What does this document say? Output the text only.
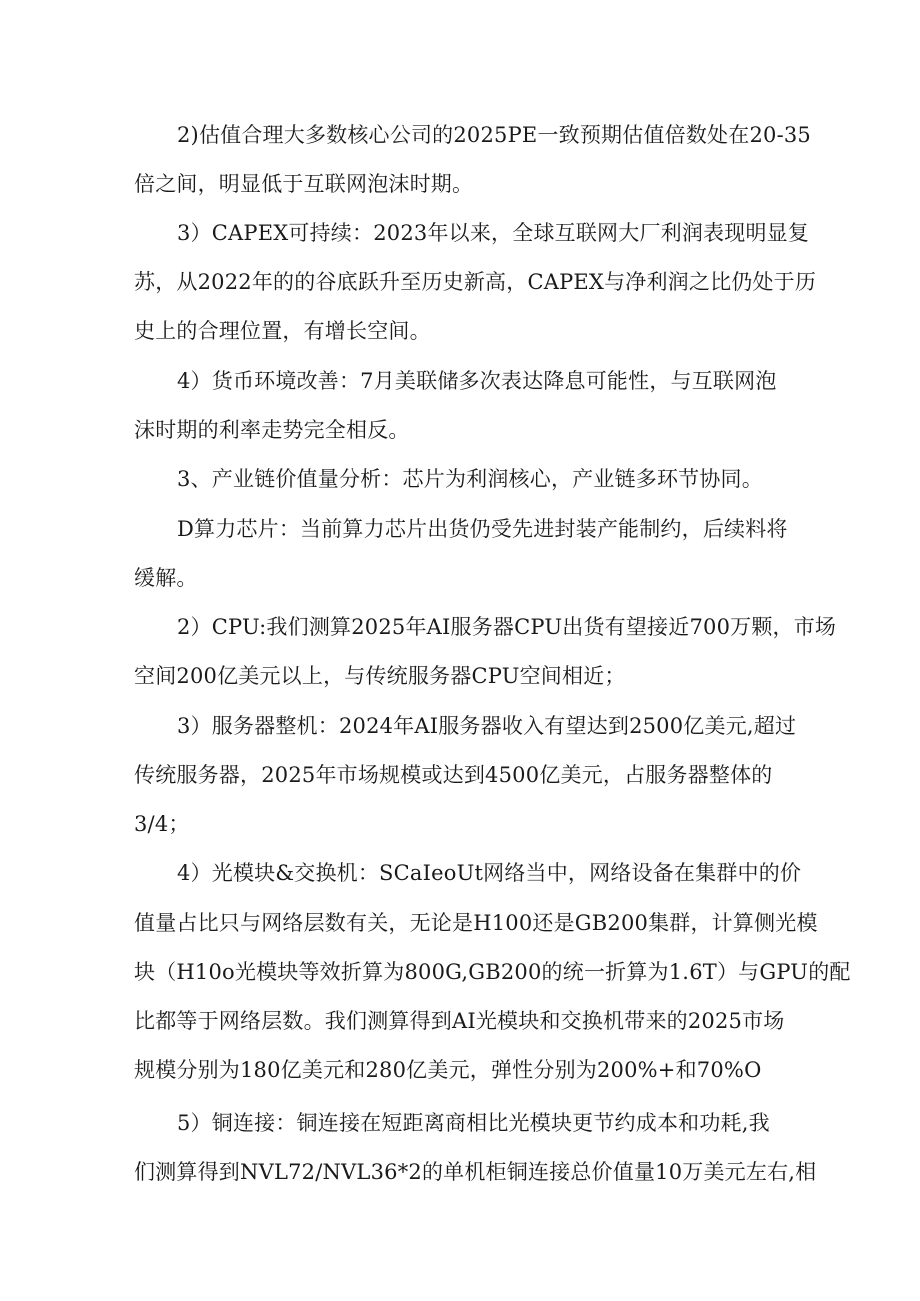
2)估值合理大多数核心公司的2025PE一致预期估值倍数处在20-35
倍之间，明显低于互联网泡沫时期。
3）CAPEX可持续：2023年以来，全球互联网大厂利润表现明显复
苏，从2022年的的谷底跃升至历史新高，CAPEX与净利润之比仍处于历
史上的合理位置，有增长空间。
4）货币环境改善：7月美联储多次表达降息可能性，与互联网泡
沫时期的利率走势完全相反。
3、产业链价值量分析：芯片为利润核心，产业链多环节协同。
D算力芯片：当前算力芯片出货仍受先进封装产能制约，后续料将
缓解。
2）CPU:我们测算2025年AI服务器CPU出货有望接近700万颗，市场
空间200亿美元以上，与传统服务器CPU空间相近；
3）服务器整机：2024年AI服务器收入有望达到2500亿美元,超过
传统服务器，2025年市场规模或达到4500亿美元，占服务器整体的
3/4；
4）光模块&交换机：SCaIeoUt网络当中，网络设备在集群中的价
值量占比只与网络层数有关，无论是H100还是GB200集群，计算侧光模
块（H10o光模块等效折算为800G,GB200的统一折算为1.6T）与GPU的配
比都等于网络层数。我们测算得到AI光模块和交换机带来的2025市场
规模分别为180亿美元和280亿美元，弹性分别为200%+和70%O
5）铜连接：铜连接在短距离商相比光模块更节约成本和功耗,我
们测算得到NVL72/NVL36*2的单机柜铜连接总价值量10万美元左右,相
